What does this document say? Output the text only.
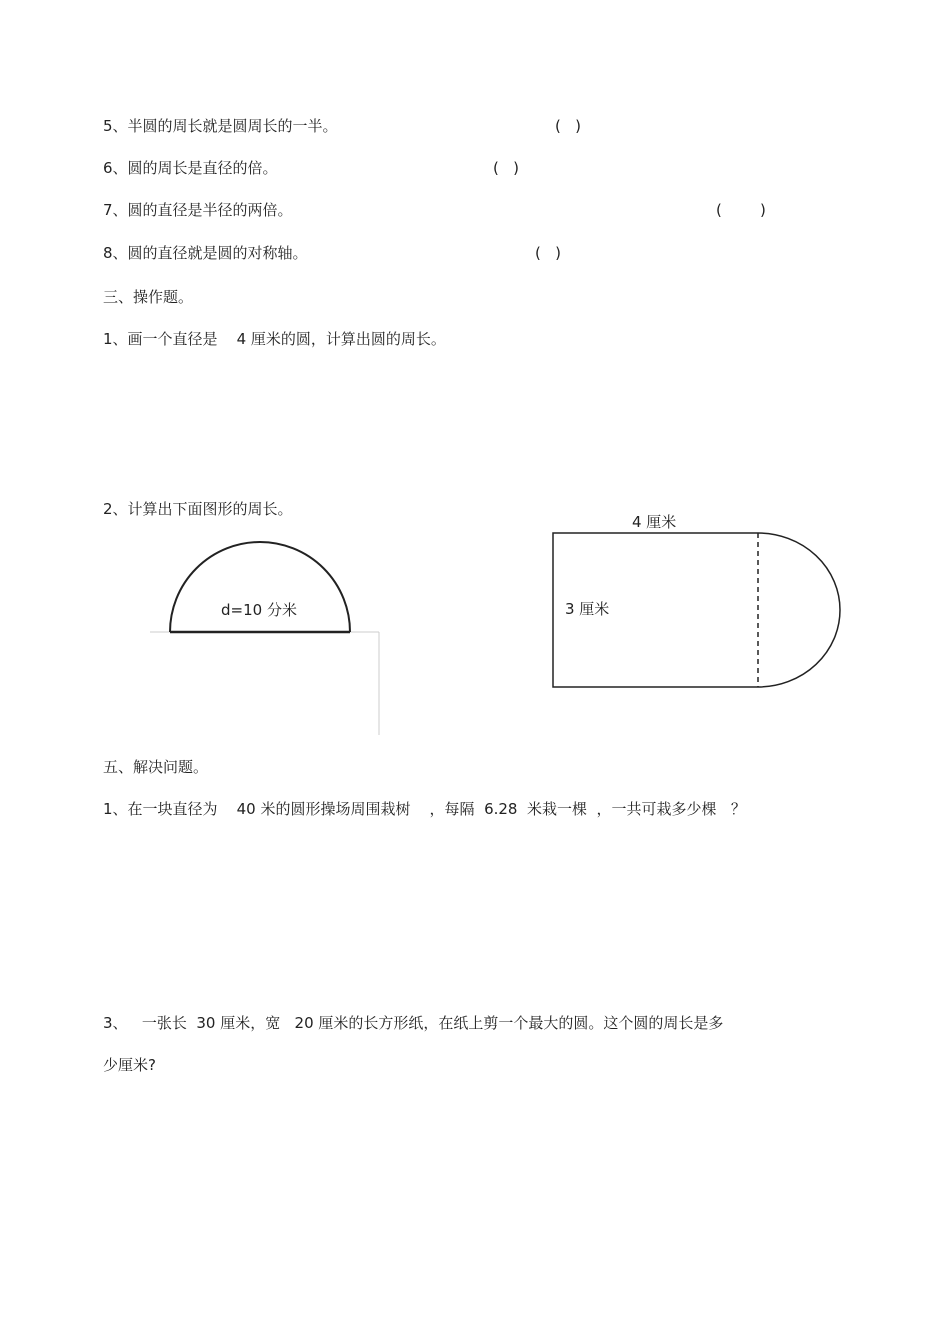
5、半圆的周长就是圆周长的一半。	(   )
6、圆的周长是直径的倍。	(   )
7、圆的直径是半径的两倍。	(        )
8、圆的直径就是圆的对称轴。	(   )
三、操作题。
1、画一个直径是    4 厘米的圆，计算出圆的周长。
2、计算出下面图形的周长。
d=10 分米
4 厘米
3 厘米
五、解决问题。
1、在一块直径为    40 米的圆形操场周围栽树    ，每隔  6.28  米栽一棵  ，一共可栽多少棵   ？
3、   一张长  30 厘米，宽   20 厘米的长方形纸，在纸上剪一个最大的圆。这个圆的周长是多
少厘米?
